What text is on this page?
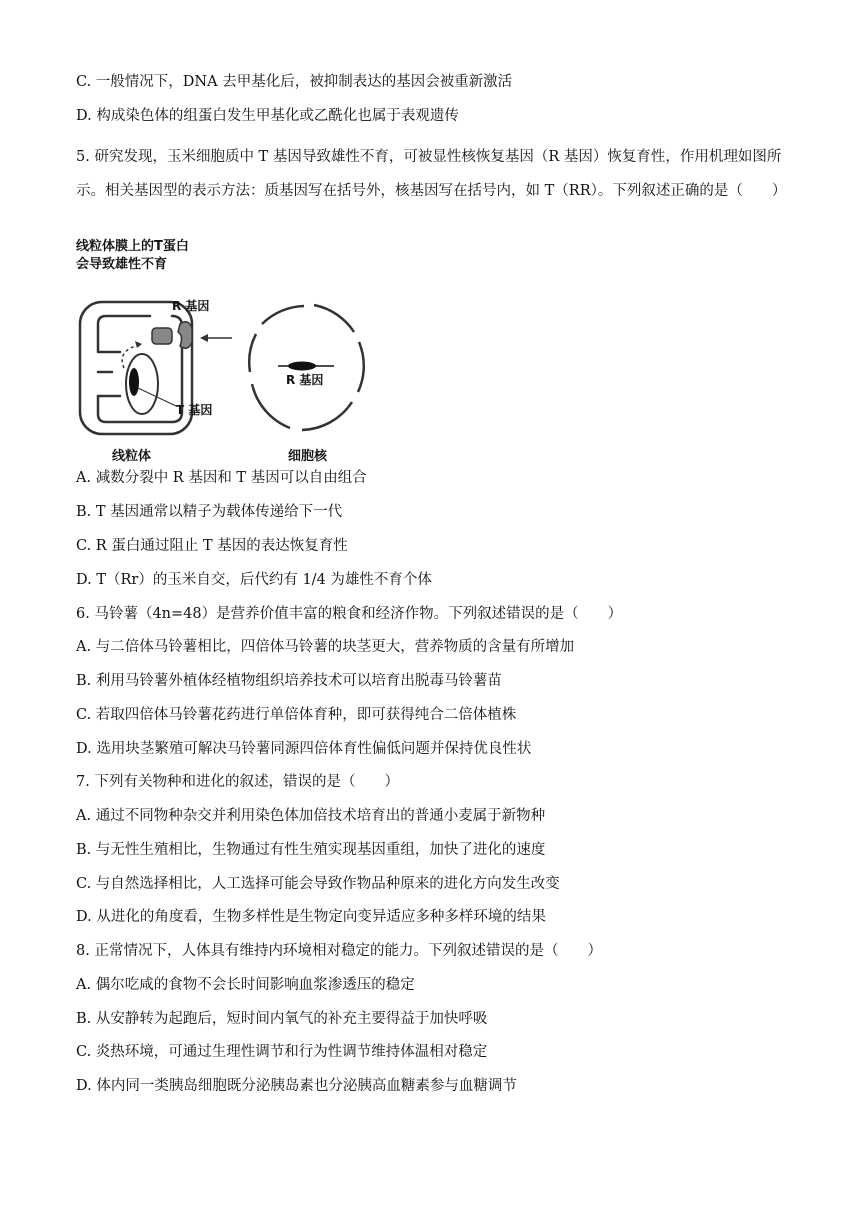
C. 一般情况下，DNA 去甲基化后，被抑制表达的基因会被重新激活
D. 构成染色体的组蛋白发生甲基化或乙酰化也属于表观遗传
5. 研究发现，玉米细胞质中 T 基因导致雄性不育，可被显性核恢复基因（R 基因）恢复育性，作用机理如图所示。相关基因型的表示方法：质基因写在括号外，核基因写在括号内，如 T（RR）。下列叙述正确的是（　　）
线粒体膜上的T蛋白
会导致雄性不育
R 基因
R 基因
T 基因
线粒体	细胞核
A. 减数分裂中 R 基因和 T 基因可以自由组合
B. T 基因通常以精子为载体传递给下一代
C. R 蛋白通过阻止 T 基因的表达恢复育性
D. T（Rr）的玉米自交，后代约有 1/4 为雄性不育个体
6. 马铃薯（4n=48）是营养价值丰富的粮食和经济作物。下列叙述错误的是（　　）
A. 与二倍体马铃薯相比，四倍体马铃薯的块茎更大，营养物质的含量有所增加
B. 利用马铃薯外植体经植物组织培养技术可以培育出脱毒马铃薯苗
C. 若取四倍体马铃薯花药进行单倍体育种，即可获得纯合二倍体植株
D. 选用块茎繁殖可解决马铃薯同源四倍体育性偏低问题并保持优良性状
7. 下列有关物种和进化的叙述，错误的是（　　）
A. 通过不同物种杂交并利用染色体加倍技术培育出的普通小麦属于新物种
B. 与无性生殖相比，生物通过有性生殖实现基因重组，加快了进化的速度
C. 与自然选择相比，人工选择可能会导致作物品种原来的进化方向发生改变
D. 从进化的角度看，生物多样性是生物定向变异适应多种多样环境的结果
8. 正常情况下，人体具有维持内环境相对稳定的能力。下列叙述错误的是（　　）
A. 偶尔吃咸的食物不会长时间影响血浆渗透压的稳定
B. 从安静转为起跑后，短时间内氧气的补充主要得益于加快呼吸
C. 炎热环境，可通过生理性调节和行为性调节维持体温相对稳定
D. 体内同一类胰岛细胞既分泌胰岛素也分泌胰高血糖素参与血糖调节
